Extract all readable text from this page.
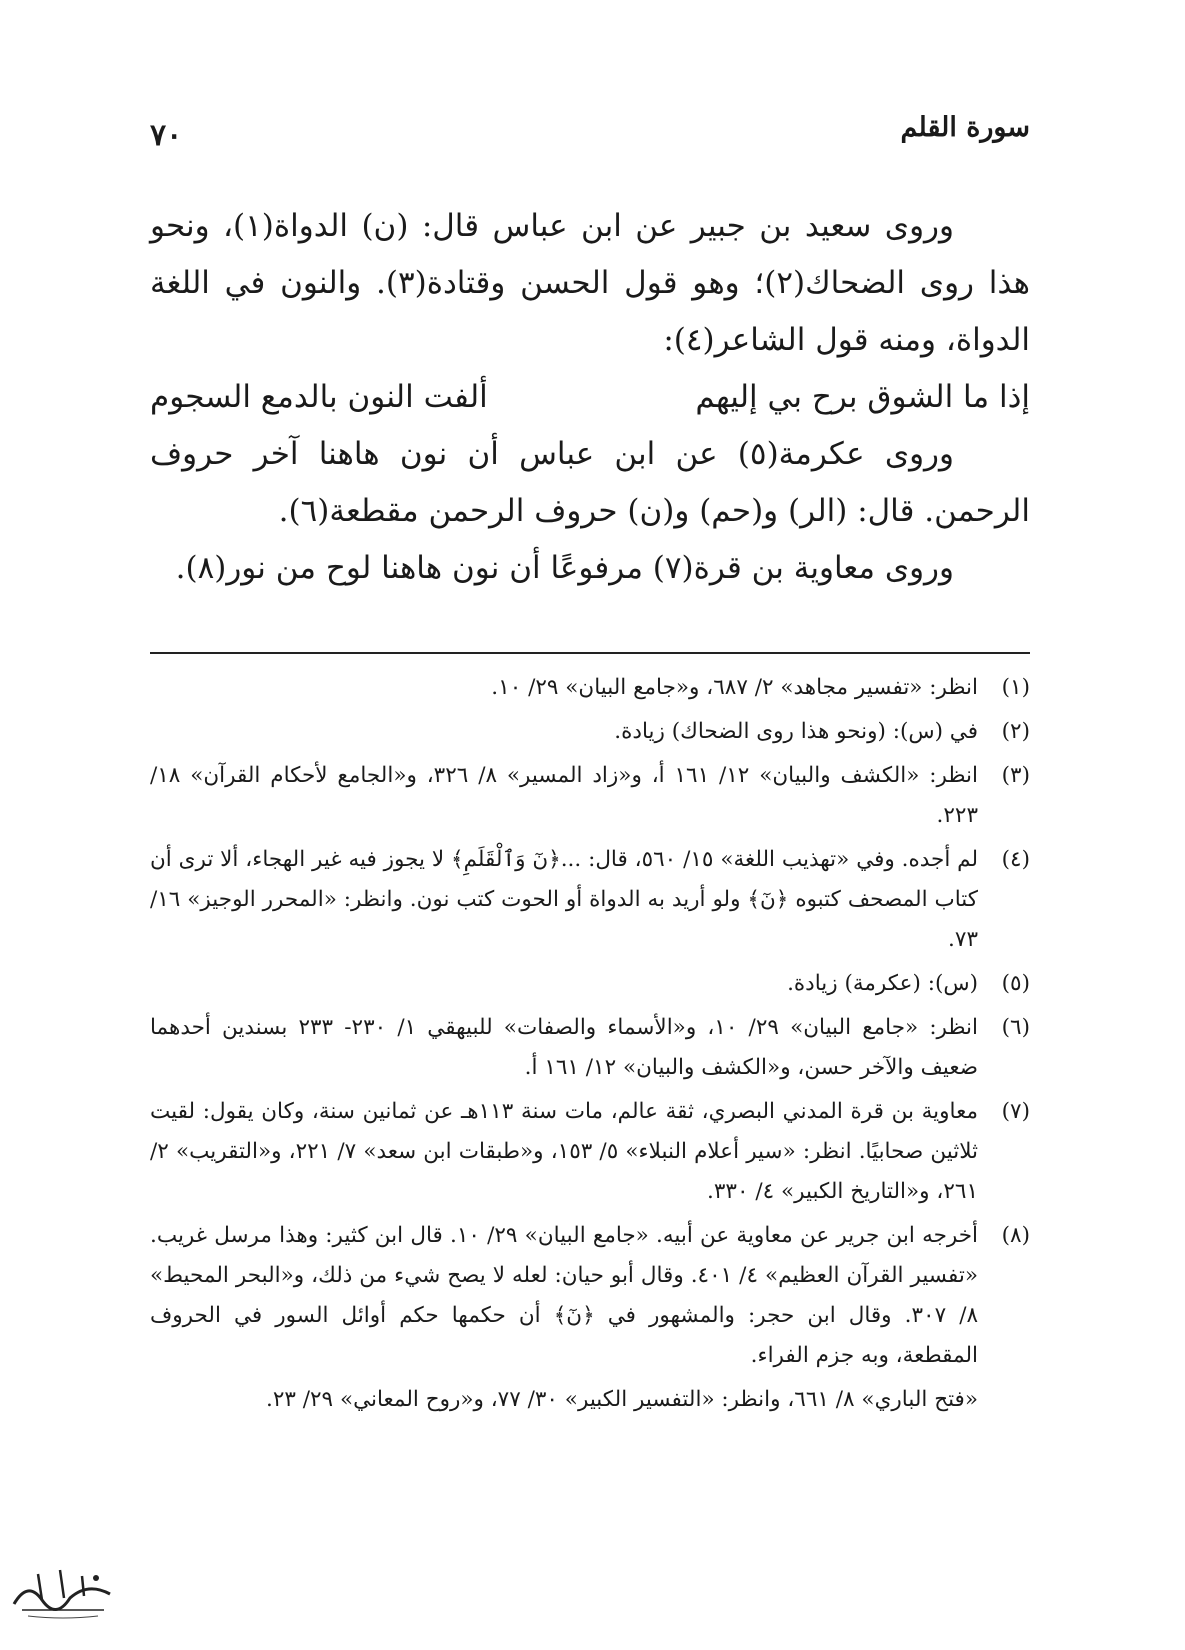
سورة القلم
٧٠

وروى سعيد بن جبير عن ابن عباس قال: (ن) الدواة(١)، ونحو هذا روى الضحاك(٢)؛ وهو قول الحسن وقتادة(٣). والنون في اللغة الدواة، ومنه قول الشاعر(٤):

إذا ما الشوق برح بي إليهم
ألفت النون بالدمع السجوم

وروى عكرمة(٥) عن ابن عباس أن نون هاهنا آخر حروف الرحمن. قال: (الر) و(حم) و(ن) حروف الرحمن مقطعة(٦).

وروى معاوية بن قرة(٧) مرفوعًا أن نون هاهنا لوح من نور(٨).

(١)
انظر: «تفسير مجاهد» ٢/ ٦٨٧، و«جامع البيان» ٢٩/ ١٠.
(٢)
في (س): (ونحو هذا روى الضحاك) زيادة.
(٣)
انظر: «الكشف والبيان» ١٢/ ١٦١ أ، و«زاد المسير» ٨/ ٣٢٦، و«الجامع لأحكام القرآن» ١٨/ ٢٢٣.
(٤)
لم أجده. وفي «تهذيب اللغة» ١٥/ ٥٦٠، قال: ...﴿نٓ وَٱلْقَلَمِ﴾ لا يجوز فيه غير الهجاء، ألا ترى أن كتاب المصحف كتبوه ﴿نٓ﴾ ولو أريد به الدواة أو الحوت كتب نون. وانظر: «المحرر الوجيز» ١٦/ ٧٣.
(٥)
(س): (عكرمة) زيادة.
(٦)
انظر: «جامع البيان» ٢٩/ ١٠، و«الأسماء والصفات» للبيهقي ١/ ٢٣٠- ٢٣٣ بسندين أحدهما ضعيف والآخر حسن، و«الكشف والبيان» ١٢/ ١٦١ أ.
(٧)
معاوية بن قرة المدني البصري، ثقة عالم، مات سنة ١١٣هـ عن ثمانين سنة، وكان يقول: لقيت ثلاثين صحابيًا. انظر: «سير أعلام النبلاء» ٥/ ١٥٣، و«طبقات ابن سعد» ٧/ ٢٢١، و«التقريب» ٢/ ٢٦١، و«التاريخ الكبير» ٤/ ٣٣٠.
(٨)
أخرجه ابن جرير عن معاوية عن أبيه. «جامع البيان» ٢٩/ ١٠. قال ابن كثير: وهذا مرسل غريب. «تفسير القرآن العظيم» ٤/ ٤٠١. وقال أبو حيان: لعله لا يصح شيء من ذلك، و«البحر المحيط» ٨/ ٣٠٧. وقال ابن حجر: والمشهور في ﴿نٓ﴾ أن حكمها حكم أوائل السور في الحروف المقطعة، وبه جزم الفراء.
«فتح الباري» ٨/ ٦٦١، وانظر: «التفسير الكبير» ٣٠/ ٧٧، و«روح المعاني» ٢٩/ ٢٣.
